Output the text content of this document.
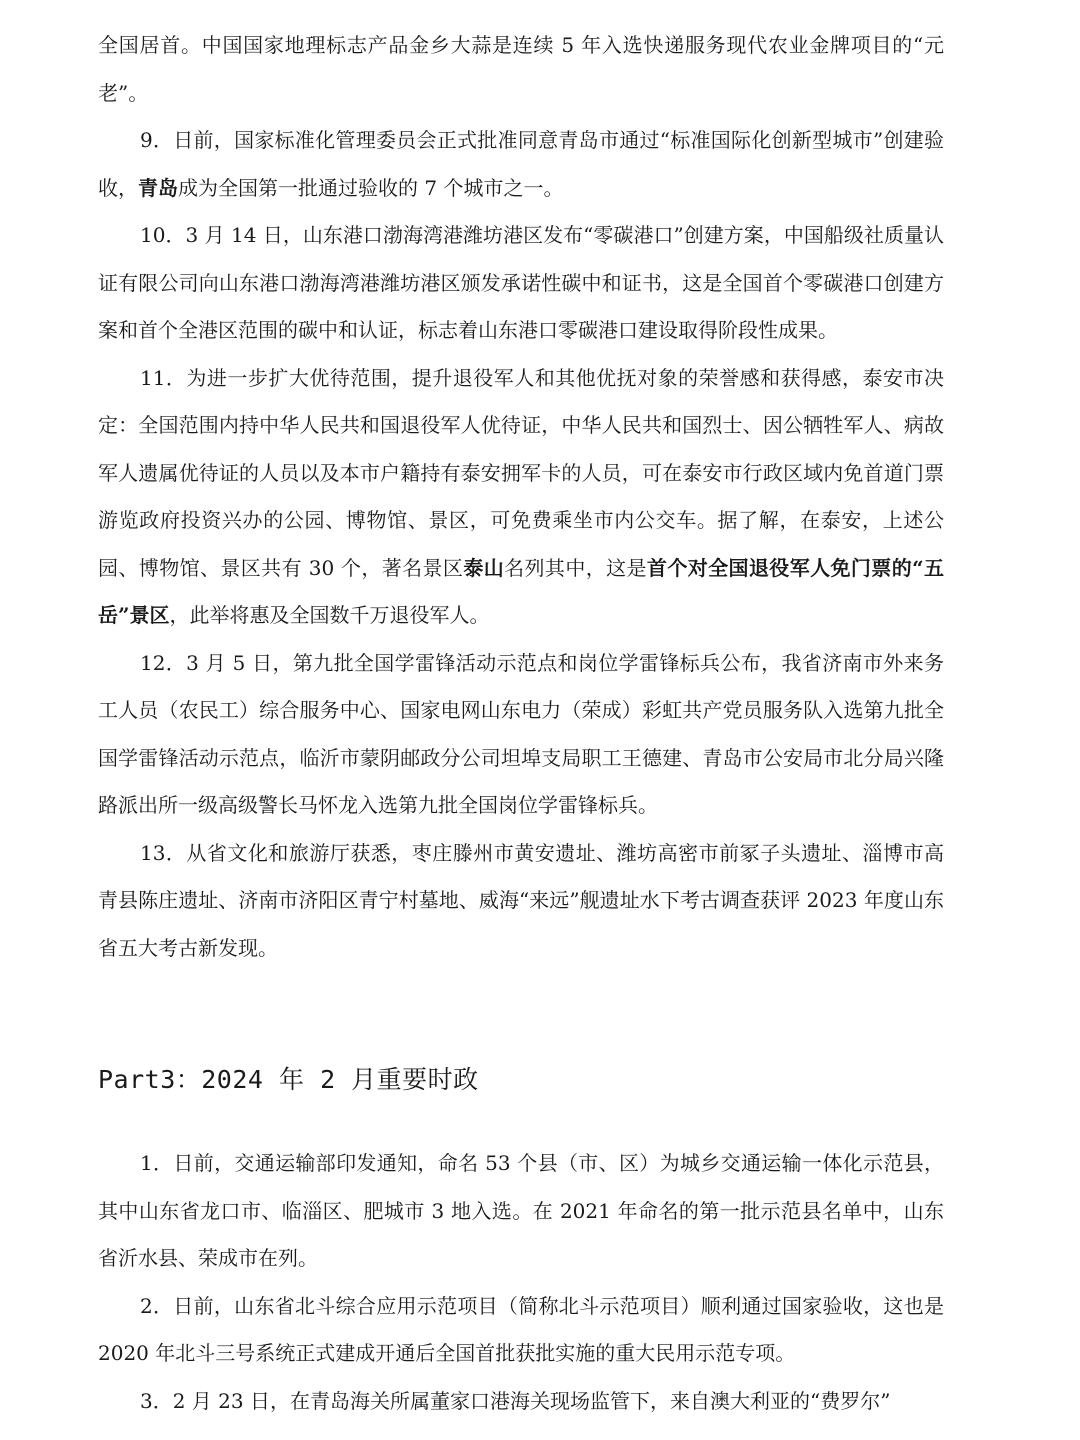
全国居首。中国国家地理标志产品金乡大蒜是连续 5 年入选快递服务现代农业金牌项目的“元老”。

9．日前，国家标准化管理委员会正式批准同意青岛市通过“标准国际化创新型城市”创建验收，青岛成为全国第一批通过验收的 7 个城市之一。

10．3 月 14 日，山东港口渤海湾港潍坊港区发布“零碳港口”创建方案，中国船级社质量认证有限公司向山东港口渤海湾港潍坊港区颁发承诺性碳中和证书，这是全国首个零碳港口创建方案和首个全港区范围的碳中和认证，标志着山东港口零碳港口建设取得阶段性成果。

11．为进一步扩大优待范围，提升退役军人和其他优抚对象的荣誉感和获得感，泰安市决定：全国范围内持中华人民共和国退役军人优待证，中华人民共和国烈士、因公牺牲军人、病故军人遗属优待证的人员以及本市户籍持有泰安拥军卡的人员，可在泰安市行政区域内免首道门票游览政府投资兴办的公园、博物馆、景区，可免费乘坐市内公交车。据了解，在泰安，上述公园、博物馆、景区共有 30 个，著名景区泰山名列其中，这是首个对全国退役军人免门票的“五岳”景区，此举将惠及全国数千万退役军人。

12．3 月 5 日，第九批全国学雷锋活动示范点和岗位学雷锋标兵公布，我省济南市外来务工人员（农民工）综合服务中心、国家电网山东电力（荣成）彩虹共产党员服务队入选第九批全国学雷锋活动示范点，临沂市蒙阴邮政分公司坦埠支局职工王德建、青岛市公安局市北分局兴隆路派出所一级高级警长马怀龙入选第九批全国岗位学雷锋标兵。

13．从省文化和旅游厅获悉，枣庄滕州市黄安遗址、潍坊高密市前冢子头遗址、淄博市高青县陈庄遗址、济南市济阳区青宁村墓地、威海“来远”舰遗址水下考古调查获评 2023 年度山东省五大考古新发现。

Part3：2024 年 2 月重要时政

1．日前，交通运输部印发通知，命名 53 个县（市、区）为城乡交通运输一体化示范县，其中山东省龙口市、临淄区、肥城市 3 地入选。在 2021 年命名的第一批示范县名单中，山东省沂水县、荣成市在列。

2．日前，山东省北斗综合应用示范项目（简称北斗示范项目）顺利通过国家验收，这也是 2020 年北斗三号系统正式建成开通后全国首批获批实施的重大民用示范专项。

3．2 月 23 日，在青岛海关所属董家口港海关现场监管下，来自澳大利亚的“费罗尔”
